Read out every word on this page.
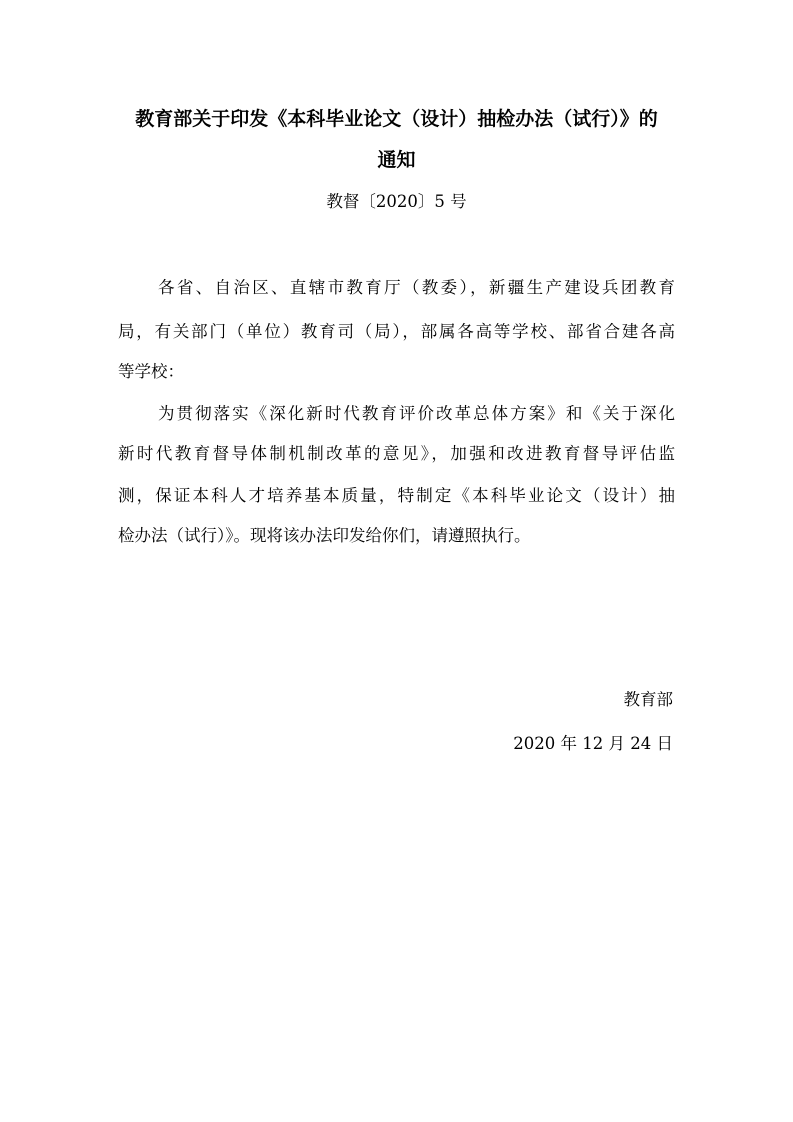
教育部关于印发《本科毕业论文（设计）抽检办法（试行）》的
通知
教督〔2020〕5 号
各省、自治区、直辖市教育厅（教委），新疆生产建设兵团教育
局，有关部门（单位）教育司（局），部属各高等学校、部省合建各高
等学校：
为贯彻落实《深化新时代教育评价改革总体方案》和《关于深化
新时代教育督导体制机制改革的意见》，加强和改进教育督导评估监
测，保证本科人才培养基本质量，特制定《本科毕业论文（设计）抽
检办法（试行）》。现将该办法印发给你们，请遵照执行。
教育部
2020 年 12 月 24 日
